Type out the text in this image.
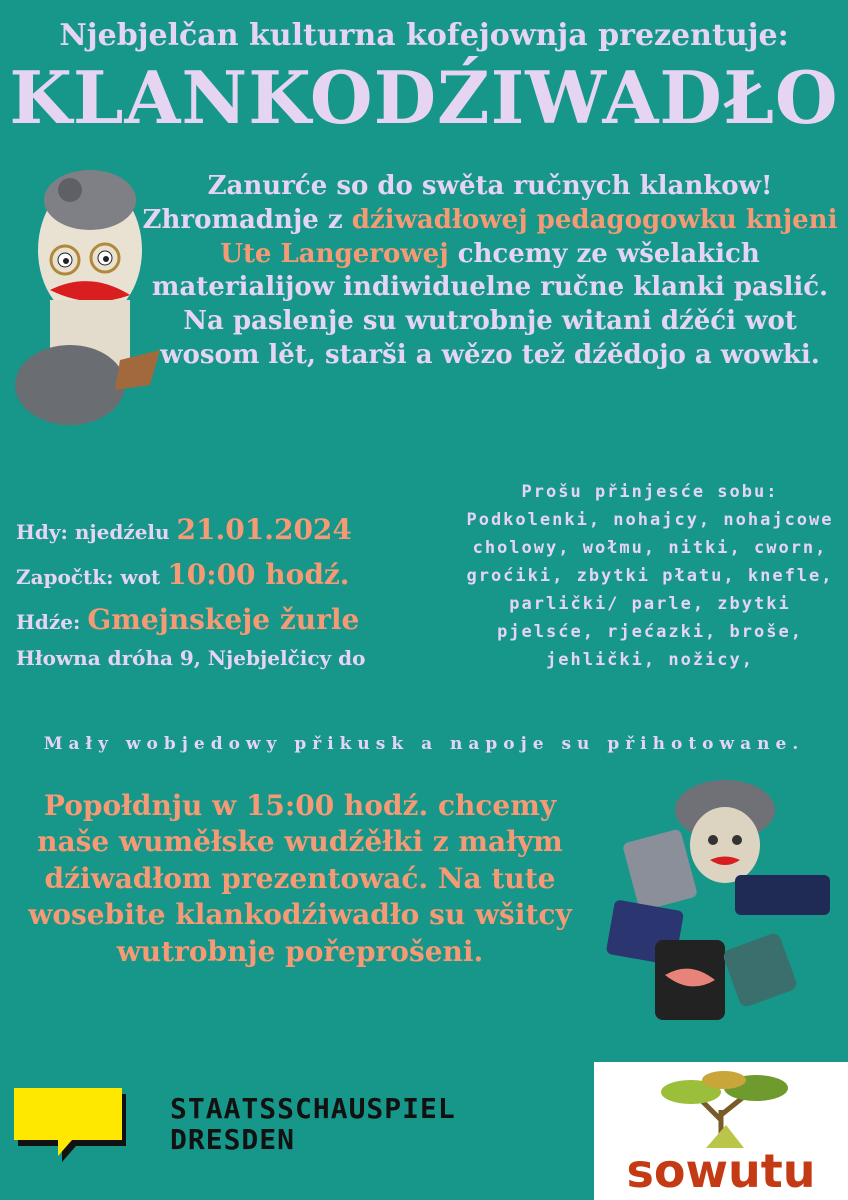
Njebjelčan kulturna kofejownja prezentuje:
KLANKODŹIWADŁO
Zanurće so do swěta ručnych klankow! Zhromadnje z dźiwadłowej pedagogowku knjeni Ute Langerowej chcemy ze wšelakich materialijow indiwiduelne ručne klanki paslić. Na paslenje su wutrobnje witani dźěći wot wosom lět, starši a wězo tež dźědojo a wowki.
Hdy: njedźelu 21.01.2024
Započtk: wot 10:00 hodź.
Hdźe: Gmejnskeje žurle
Hłowna dróha 9, Njebjelčicy do
Prošu přinjesće sobu: Podkolenki, nohajcy, nohajcowe cholowy, wołmu, nitki, cworn, grоćiki, zbytki płatu, knefle, parlički/ parle, zbytki pjelsće, rjećazki, broše, jehlički, nožicy,
Mały wobjedowy přikusk a napoje su přihotowane.
Popołdnju w 15:00 hodź. chcemy naše wuměłske wudźěłki z małym dźiwadłom prezentować. Na tute wosebite klankodźiwadło su wšitcy wutrobnje pořeprošeni.
STAATSSCHAUSPIEL
DRESDEN
sowutu
